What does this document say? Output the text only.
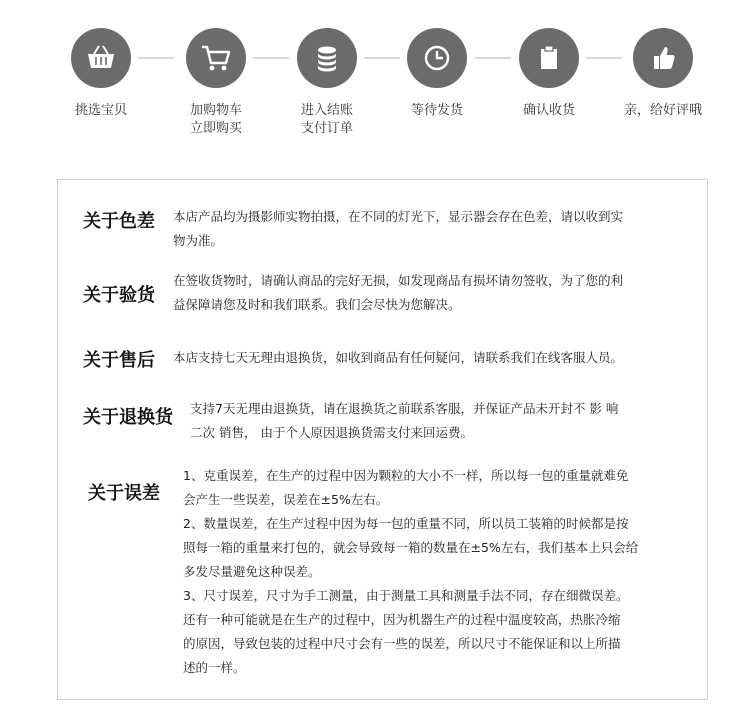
挑选宝贝	加购物车
立即购买
进入结账
支付订单
等待发货	确认收货	亲，给好评哦
关于色差 本店产品均为摄影师实物拍摄，在不同的灯光下，显示器会存在色差，请以收到实
物为准。
关于验货
在签收货物时，请确认商品的完好无损，如发现商品有损坏请勿签收，为了您的利
益保障请您及时和我们联系。我们会尽快为您解决。
关于售后 本店支持七天无理由退换货，如收到商品有任何疑问，请联系我们在线客服人员。
关于退换货 支持7天无理由退换货，请在退换货之前联系客服，并保证产品未开封不 影 响
二次 销售， 由于个人原因退换货需支付来回运费。
关于误差
1、克重误差，在生产的过程中因为颗粒的大小不一样，所以每一包的重量就难免
会产生一些误差，误差在±5%左右。
2、数量误差，在生产过程中因为每一包的重量不同，所以员工装箱的时候都是按
照每一箱的重量来打包的，就会导致每一箱的数量在±5%左右，我们基本上只会给
多发尽量避免这种误差。
3、尺寸误差，尺寸为手工测量，由于测量工具和测量手法不同，存在细微误差。
还有一种可能就是在生产的过程中，因为机器生产的过程中温度较高，热胀冷缩
的原因，导致包装的过程中尺寸会有一些的误差，所以尺寸不能保证和以上所描
述的一样。
